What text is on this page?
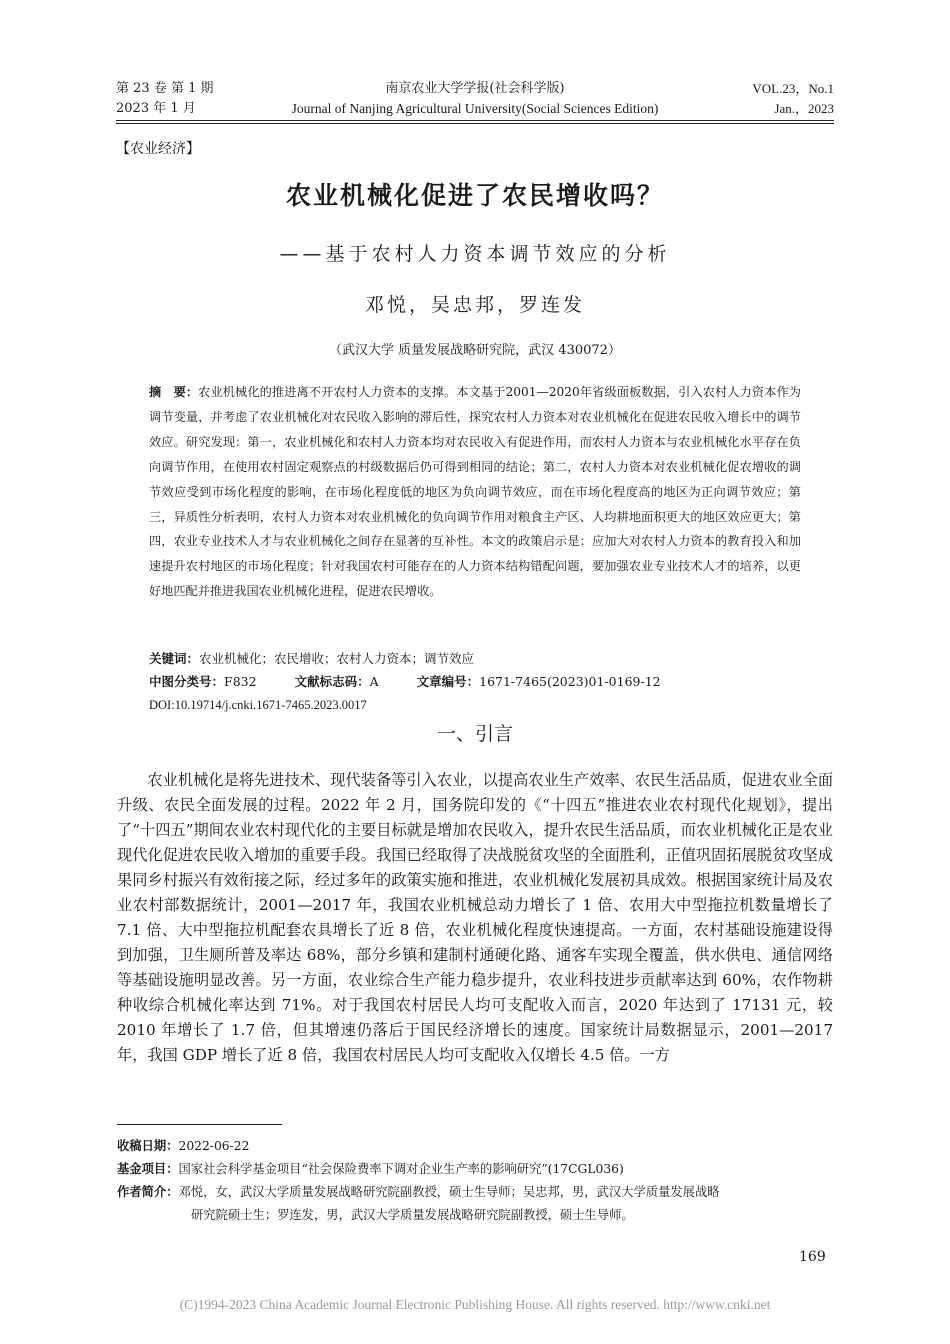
第 23 卷 第 1 期
2023 年 1 月
南京农业大学学报(社会科学版)
Journal of Nanjing Agricultural University(Social Sciences Edition)
VOL.23，No.1
Jan.，2023
【农业经济】
农业机械化促进了农民增收吗？
——基于农村人力资本调节效应的分析
邓悦，吴忠邦，罗连发
（武汉大学 质量发展战略研究院，武汉 430072）
摘　要：农业机械化的推进离不开农村人力资本的支撑。本文基于2001—2020年省级面板数据，引入农村人力资本作为调节变量，并考虑了农业机械化对农民收入影响的滞后性，探究农村人力资本对农业机械化在促进农民收入增长中的调节效应。研究发现：第一，农业机械化和农村人力资本均对农民收入有促进作用，而农村人力资本与农业机械化水平存在负向调节作用，在使用农村固定观察点的村级数据后仍可得到相同的结论；第二，农村人力资本对农业机械化促农增收的调节效应受到市场化程度的影响，在市场化程度低的地区为负向调节效应，而在市场化程度高的地区为正向调节效应；第三，异质性分析表明，农村人力资本对农业机械化的负向调节作用对粮食主产区、人均耕地面积更大的地区效应更大；第四，农业专业技术人才与农业机械化之间存在显著的互补性。本文的政策启示是：应加大对农村人力资本的教育投入和加速提升农村地区的市场化程度；针对我国农村可能存在的人力资本结构错配问题，要加强农业专业技术人才的培养，以更好地匹配并推进我国农业机械化进程，促进农民增收。
关键词：农业机械化；农民增收；农村人力资本；调节效应
中图分类号：F832	文献标志码：A	文章编号：1671-7465(2023)01-0169-12
DOI:10.19714/j.cnki.1671-7465.2023.0017
一、引言

农业机械化是将先进技术、现代装备等引入农业，以提高农业生产效率、农民生活品质，促进农业全面升级、农民全面发展的过程。2022 年 2 月，国务院印发的《“十四五”推进农业农村现代化规划》，提出了“十四五”期间农业农村现代化的主要目标就是增加农民收入，提升农民生活品质，而农业机械化正是农业现代化促进农民收入增加的重要手段。我国已经取得了决战脱贫攻坚的全面胜利，正值巩固拓展脱贫攻坚成果同乡村振兴有效衔接之际，经过多年的政策实施和推进，农业机械化发展初具成效。根据国家统计局及农业农村部数据统计，2001—2017 年，我国农业机械总动力增长了 1 倍、农用大中型拖拉机数量增长了 7.1 倍、大中型拖拉机配套农具增长了近 8 倍，农业机械化程度快速提高。一方面，农村基础设施建设得到加强，卫生厕所普及率达 68%，部分乡镇和建制村通硬化路、通客车实现全覆盖，供水供电、通信网络等基础设施明显改善。另一方面，农业综合生产能力稳步提升，农业科技进步贡献率达到 60%，农作物耕种收综合机械化率达到 71%。对于我国农村居民人均可支配收入而言，2020 年达到了 17131 元，较 2010 年增长了 1.7 倍，但其增速仍落后于国民经济增长的速度。国家统计局数据显示，2001—2017 年，我国 GDP 增长了近 8 倍，我国农村居民人均可支配收入仅增长 4.5 倍。一方

收稿日期：2022-06-22
基金项目：国家社会科学基金项目“社会保险费率下调对企业生产率的影响研究”(17CGL036)
作者简介：邓悦，女，武汉大学质量发展战略研究院副教授，硕士生导师；吴忠邦，男，武汉大学质量发展战略
研究院硕士生；罗连发，男，武汉大学质量发展战略研究院副教授，硕士生导师。
169
(C)1994-2023 China Academic Journal Electronic Publishing House. All rights reserved. http://www.cnki.net
